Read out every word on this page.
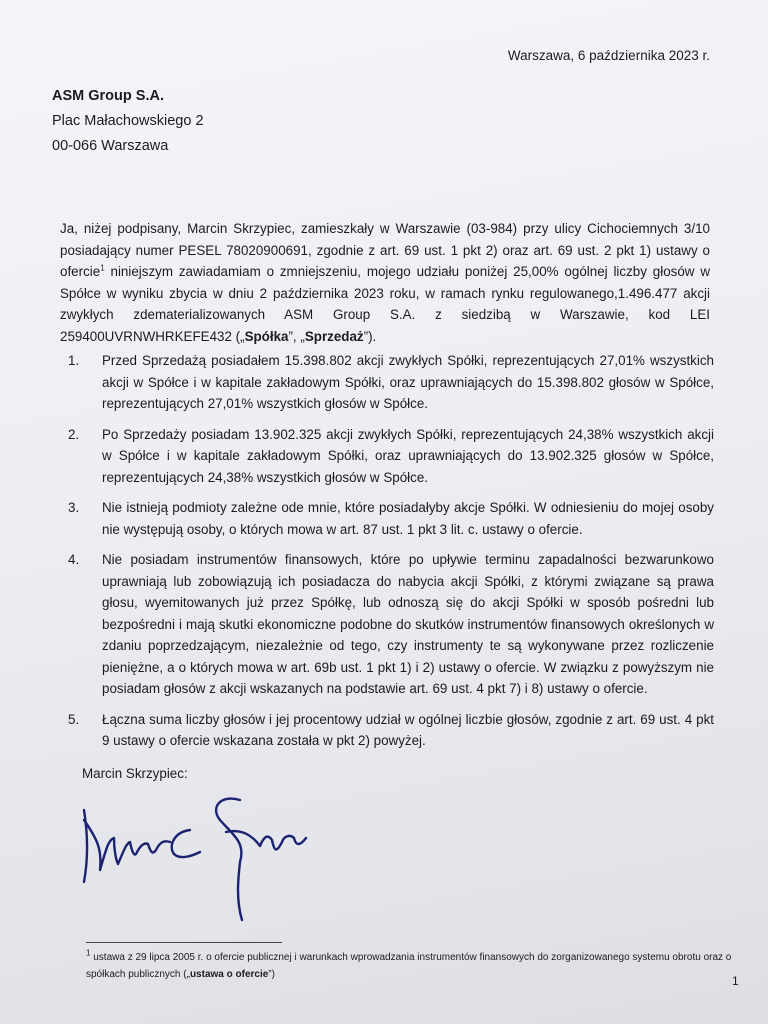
Warszawa, 6 października 2023 r.
ASM Group S.A.
Plac Małachowskiego 2
00-066 Warszawa
Ja, niżej podpisany, Marcin Skrzypiec, zamieszkały w Warszawie (03-984) przy ulicy Cichociemnych 3/10 posiadający numer PESEL 78020900691, zgodnie z art. 69 ust. 1 pkt 2) oraz art. 69 ust. 2 pkt 1) ustawy o ofercie$^1$ niniejszym zawiadamiam o zmniejszeniu, mojego udziału poniżej 25,00% ogólnej liczby głosów w Spółce w wyniku zbycia w dniu 2 października 2023 roku, w ramach rynku regulowanego,1.496.477 akcji zwykłych zdematerializowanych ASM Group S.A. z siedzibą w Warszawie, kod LEI 259400UVRNWHRKEFE432 („Spółka”, „Sprzedaż”).
1. Przed Sprzedażą posiadałem 15.398.802 akcji zwykłych Spółki, reprezentujących 27,01% wszystkich akcji w Spółce i w kapitale zakładowym Spółki, oraz uprawniających do 15.398.802 głosów w Spółce, reprezentujących 27,01% wszystkich głosów w Spółce.
2. Po Sprzedaży posiadam 13.902.325 akcji zwykłych Spółki, reprezentujących 24,38% wszystkich akcji w Spółce i w kapitale zakładowym Spółki, oraz uprawniających do 13.902.325 głosów w Spółce, reprezentujących 24,38% wszystkich głosów w Spółce.
3. Nie istnieją podmioty zależne ode mnie, które posiadałyby akcje Spółki. W odniesieniu do mojej osoby nie występują osoby, o których mowa w art. 87 ust. 1 pkt 3 lit. c. ustawy o ofercie.
4. Nie posiadam instrumentów finansowych, które po upływie terminu zapadalności bezwarunkowo uprawniają lub zobowiązują ich posiadacza do nabycia akcji Spółki, z którymi związane są prawa głosu, wyemitowanych już przez Spółkę, lub odnoszą się do akcji Spółki w sposób pośredni lub bezpośredni i mają skutki ekonomiczne podobne do skutków instrumentów finansowych określonych w zdaniu poprzedzającym, niezależnie od tego, czy instrumenty te są wykonywane przez rozliczenie pieniężne, a o których mowa w art. 69b ust. 1 pkt 1) i 2) ustawy o ofercie. W związku z powyższym nie posiadam głosów z akcji wskazanych na podstawie art. 69 ust. 4 pkt 7) i 8) ustawy o ofercie.
5. Łączna suma liczby głosów i jej procentowy udział w ogólnej liczbie głosów, zgodnie z art. 69 ust. 4 pkt 9 ustawy o ofercie wskazana została w pkt 2) powyżej.
Marcin Skrzypiec:
$^1$ ustawa z 29 lipca 2005 r. o ofercie publicznej i warunkach wprowadzania instrumentów finansowych do zorganizowanego systemu obrotu oraz o spółkach publicznych („ustawa o ofercie”)	1
